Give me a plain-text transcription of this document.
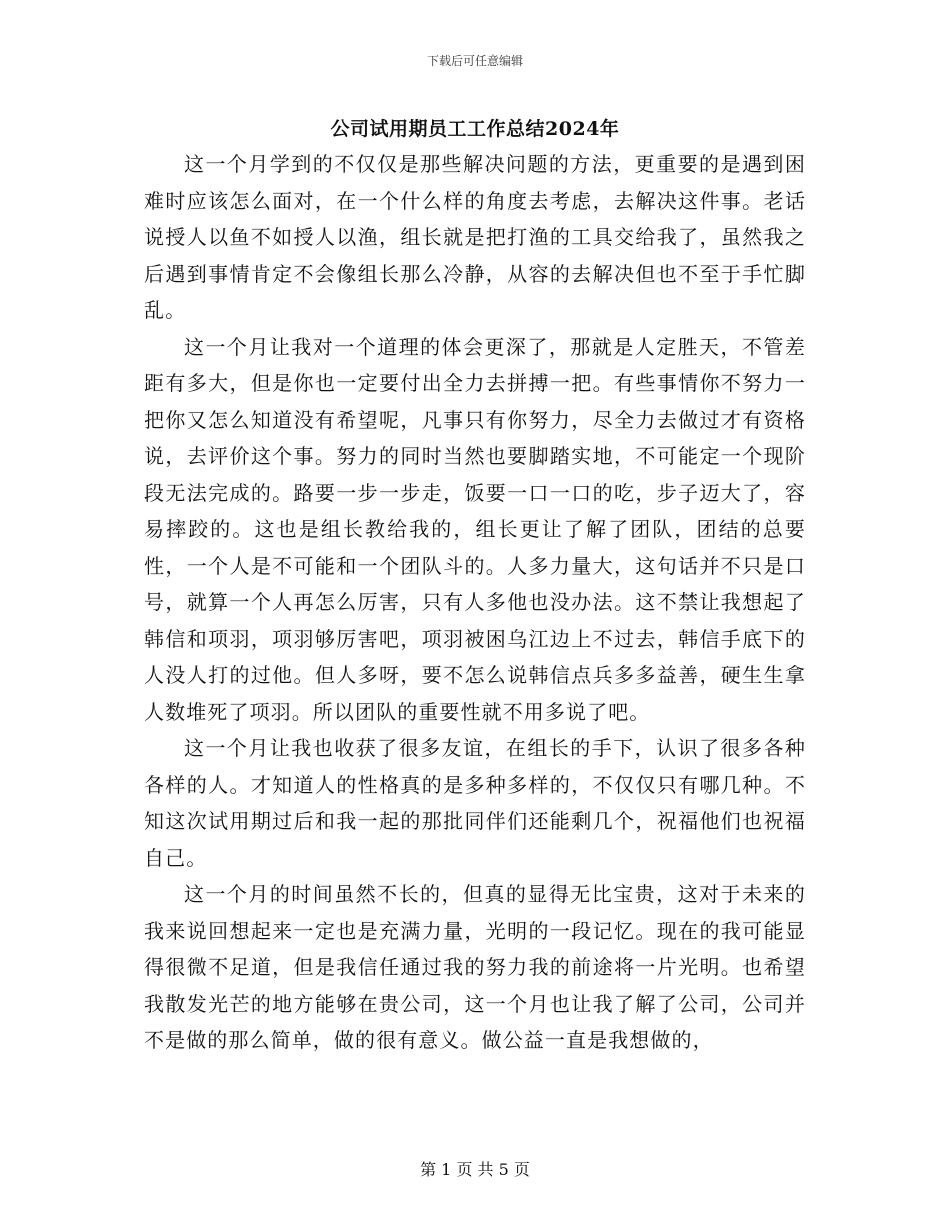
下载后可任意编辑
公司试用期员工工作总结2024年

这一个月学到的不仅仅是那些解决问题的方法，更重要的是遇到困难时应该怎么面对，在一个什么样的角度去考虑，去解决这件事。老话说授人以鱼不如授人以渔，组长就是把打渔的工具交给我了，虽然我之后遇到事情肯定不会像组长那么冷静，从容的去解决但也不至于手忙脚乱。

这一个月让我对一个道理的体会更深了，那就是人定胜天，不管差距有多大，但是你也一定要付出全力去拼搏一把。有些事情你不努力一把你又怎么知道没有希望呢，凡事只有你努力，尽全力去做过才有资格说，去评价这个事。努力的同时当然也要脚踏实地，不可能定一个现阶段无法完成的。路要一步一步走，饭要一口一口的吃，步子迈大了，容易摔跤的。这也是组长教给我的，组长更让了解了团队，团结的总要性，一个人是不可能和一个团队斗的。人多力量大，这句话并不只是口号，就算一个人再怎么厉害，只有人多他也没办法。这不禁让我想起了韩信和项羽，项羽够厉害吧，项羽被困乌江边上不过去，韩信手底下的人没人打的过他。但人多呀，要不怎么说韩信点兵多多益善，硬生生拿人数堆死了项羽。所以团队的重要性就不用多说了吧。

这一个月让我也收获了很多友谊，在组长的手下，认识了很多各种各样的人。才知道人的性格真的是多种多样的，不仅仅只有哪几种。不知这次试用期过后和我一起的那批同伴们还能剩几个，祝福他们也祝福自己。

这一个月的时间虽然不长的，但真的显得无比宝贵，这对于未来的我来说回想起来一定也是充满力量，光明的一段记忆。现在的我可能显得很微不足道，但是我信任通过我的努力我的前途将一片光明。也希望我散发光芒的地方能够在贵公司，这一个月也让我了解了公司，公司并不是做的那么简单，做的很有意义。做公益一直是我想做的，

第 1 页 共 5 页
